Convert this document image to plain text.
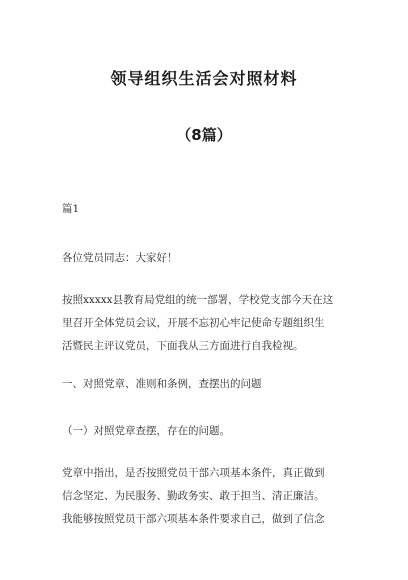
领导组织生活会对照材料
（8篇）
篇1
各位党员同志：大家好！
按照xxxxx县教育局党组的统一部署，学校党支部今天在这
里召开全体党员会议，开展不忘初心牢记使命专题组织生
活暨民主评议党员，下面我从三方面进行自我检视。
一、对照党章、准则和条例，查摆出的问题
（一）对照党章查摆，存在的问题。
党章中指出，是否按照党员干部六项基本条件，真正做到
信念坚定、为民服务、勤政务实、敢于担当、清正廉洁。
我能够按照党员干部六项基本条件要求自己，做到了信念
